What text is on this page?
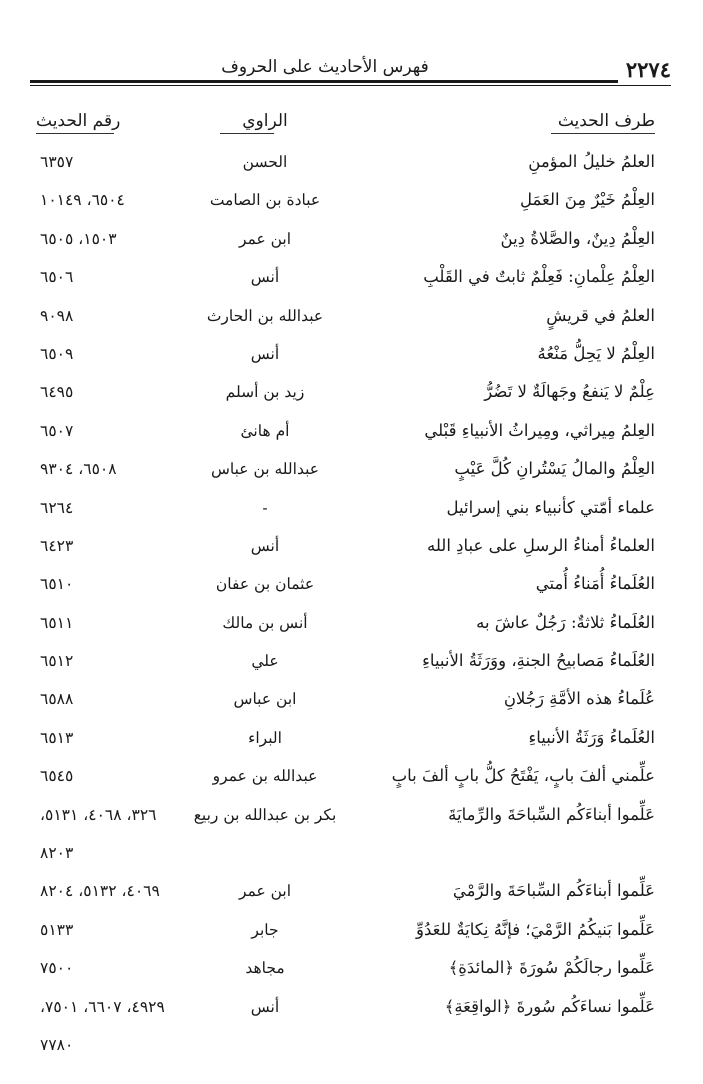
٢٢٧٤
فهرس الأحاديث على الحروف
طرف الحديث
الراوي
رقم الحديث
العلمُ خليلُ المؤمنِ
الحسن
٦٣٥٧
العِلْمُ خَيْرٌ مِنَ العَمَلِ
عبادة بن الصامت
٦٥٠٤، ١٠١٤٩
العِلْمُ دِينٌ، والصَّلاةُ دِينٌ
ابن عمر
١٥٠٣، ٦٥٠٥
العِلْمُ عِلْمانِ: فَعِلْمٌ ثابتٌ في القَلْبِ
أنس
٦٥٠٦
العلمُ في قريشٍ
عبدالله بن الحارث
٩٠٩٨
العِلْمُ لا يَحِلُّ مَنْعُهُ
أنس
٦٥٠٩
عِلْمٌ لا يَنفعُ وجَهالَةٌ لا تَضُرُّ
زيد بن أسلم
٦٤٩٥
العِلمُ مِيراثي، ومِيراثُ الأنبياءِ قَبْلي
أم هانئ
٦٥٠٧
العِلْمُ والمالُ يَسْتُرانِ كُلَّ عَيْبٍ
عبدالله بن عباس
٦٥٠٨، ٩٣٠٤
علماء أمّتي كأنبياء بني إسرائيل
-
٦٢٦٤
العلماءُ أمناءُ الرسلِ على عبادِ الله
أنس
٦٤٢٣
العُلَماءُ أُمَناءُ أُمتي
عثمان بن عفان
٦٥١٠
العُلَماءُ ثلاثةٌ: رَجُلٌ عاشَ به
أنس بن مالك
٦٥١١
العُلَماءُ مَصابيحُ الجنةِ، ووَرَثَةُ الأنبياءِ
علي
٦٥١٢
عُلَماءُ هذه الأمَّةِ رَجُلانِ
ابن عباس
٦٥٨٨
العُلَماءُ وَرَثَةُ الأنبياءِ
البراء
٦٥١٣
علِّمني ألفَ بابٍ، يَفْتَحُ كلُّ بابٍ ألفَ بابٍ
عبدالله بن عمرو
٦٥٤٥
عَلِّموا أبناءَكُم السِّباحَةَ والرِّمايَةَ
بكر بن عبدالله بن ربيع
٣٢٦، ٤٠٦٨، ٥١٣١،
٨٢٠٣
عَلِّموا أبناءَكُم السِّباحَةَ والرَّمْيَ
ابن عمر
٤٠٦٩، ٥١٣٢، ٨٢٠٤
عَلِّموا بَنيكُمُ الرَّمْيَ؛ فإنَّهُ نِكايَةٌ للعَدُوِّ
جابر
٥١٣٣
عَلِّموا رجالَكُمْ سُورَةَ ﴿المائدَةِ﴾
مجاهد
٧٥٠٠
عَلِّموا نساءَكُم سُورةَ ﴿الواقِعَةِ﴾
أنس
٤٩٢٩، ٦٦٠٧، ٧٥٠١،
٧٧٨٠
